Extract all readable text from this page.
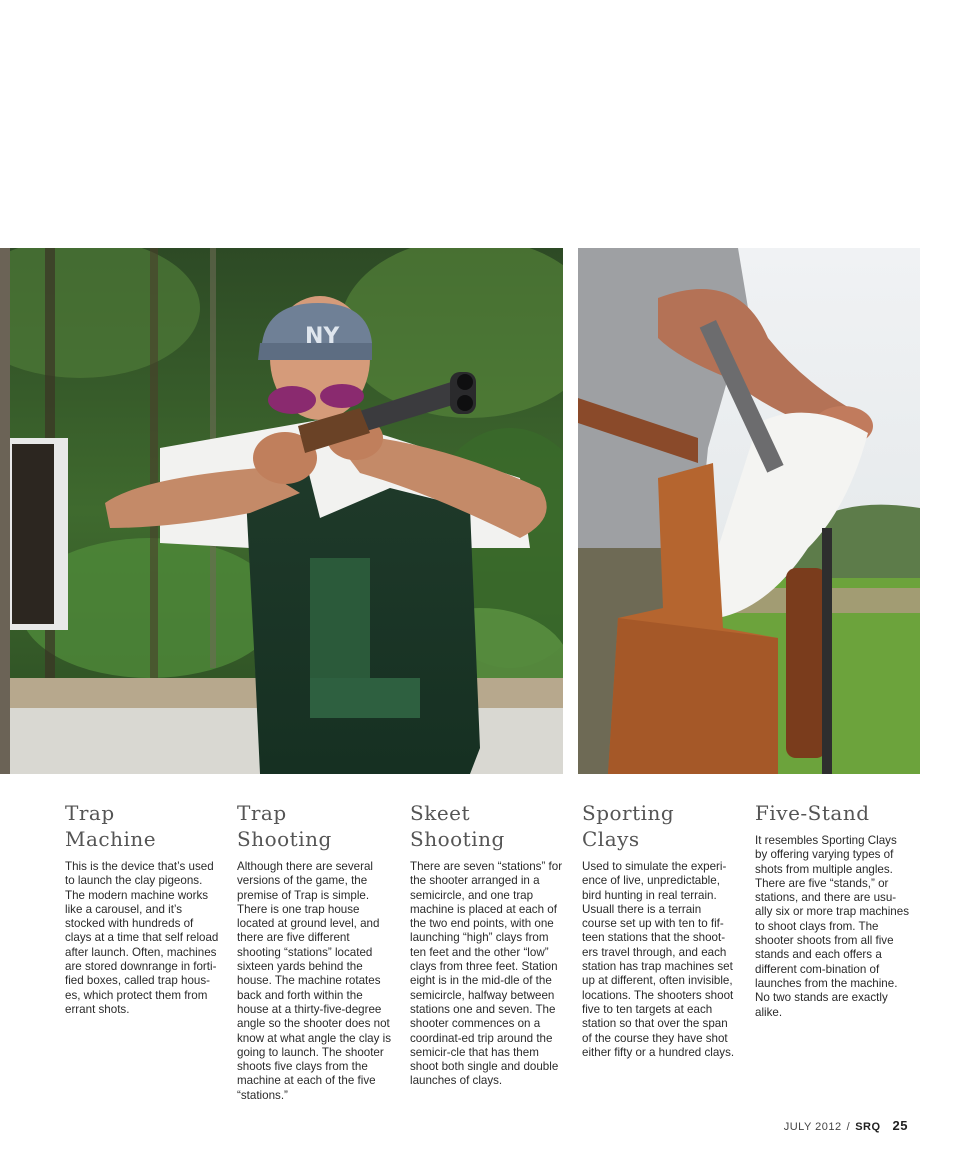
NY
Trap
Machine

This is the device that’s used to launch the clay pigeons. The modern machine works like a carousel, and it’s stocked with hundreds of clays at a time that self reload after launch. Often, machines are stored downrange in forti-fied boxes, called trap hous-es, which protect them from errant shots.

Trap
Shooting

Although there are several versions of the game, the premise of Trap is simple. There is one trap house located at ground level, and there are five different shooting “stations” located sixteen yards behind the house. The machine rotates back and forth within the house at a thirty-five-degree angle so the shooter does not know at what angle the clay is going to launch. The shooter shoots five clays from the machine at each of the five “stations.”

Skeet
Shooting

There are seven “stations” for the shooter arranged in a semicircle, and one trap machine is placed at each of the two end points, with one launching “high” clays from ten feet and the other “low” clays from three feet. Station eight is in the mid-dle of the semicircle, halfway between stations one and seven. The shooter commences on a coordinat-ed trip around the semicir-cle that has them shoot both single and double launches of clays.

Sporting
Clays

Used to simulate the experi-ence of live, unpredictable, bird hunting in real terrain. Usuall there is a terrain course set up with ten to fif-teen stations that the shoot-ers travel through, and each station has trap machines set up at different, often invisible, locations. The shooters shoot five to ten targets at each station so that over the span of the course they have shot either fifty or a hundred clays.

Five-Stand

It resembles Sporting Clays by offering varying types of shots from multiple angles. There are five “stands,” or stations, and there are usu-ally six or more trap machines to shoot clays from. The shooter shoots from all five stands and each offers a different com-bination of launches from the machine. No two stands are exactly alike.

JULY 2012 / SRQ 25
